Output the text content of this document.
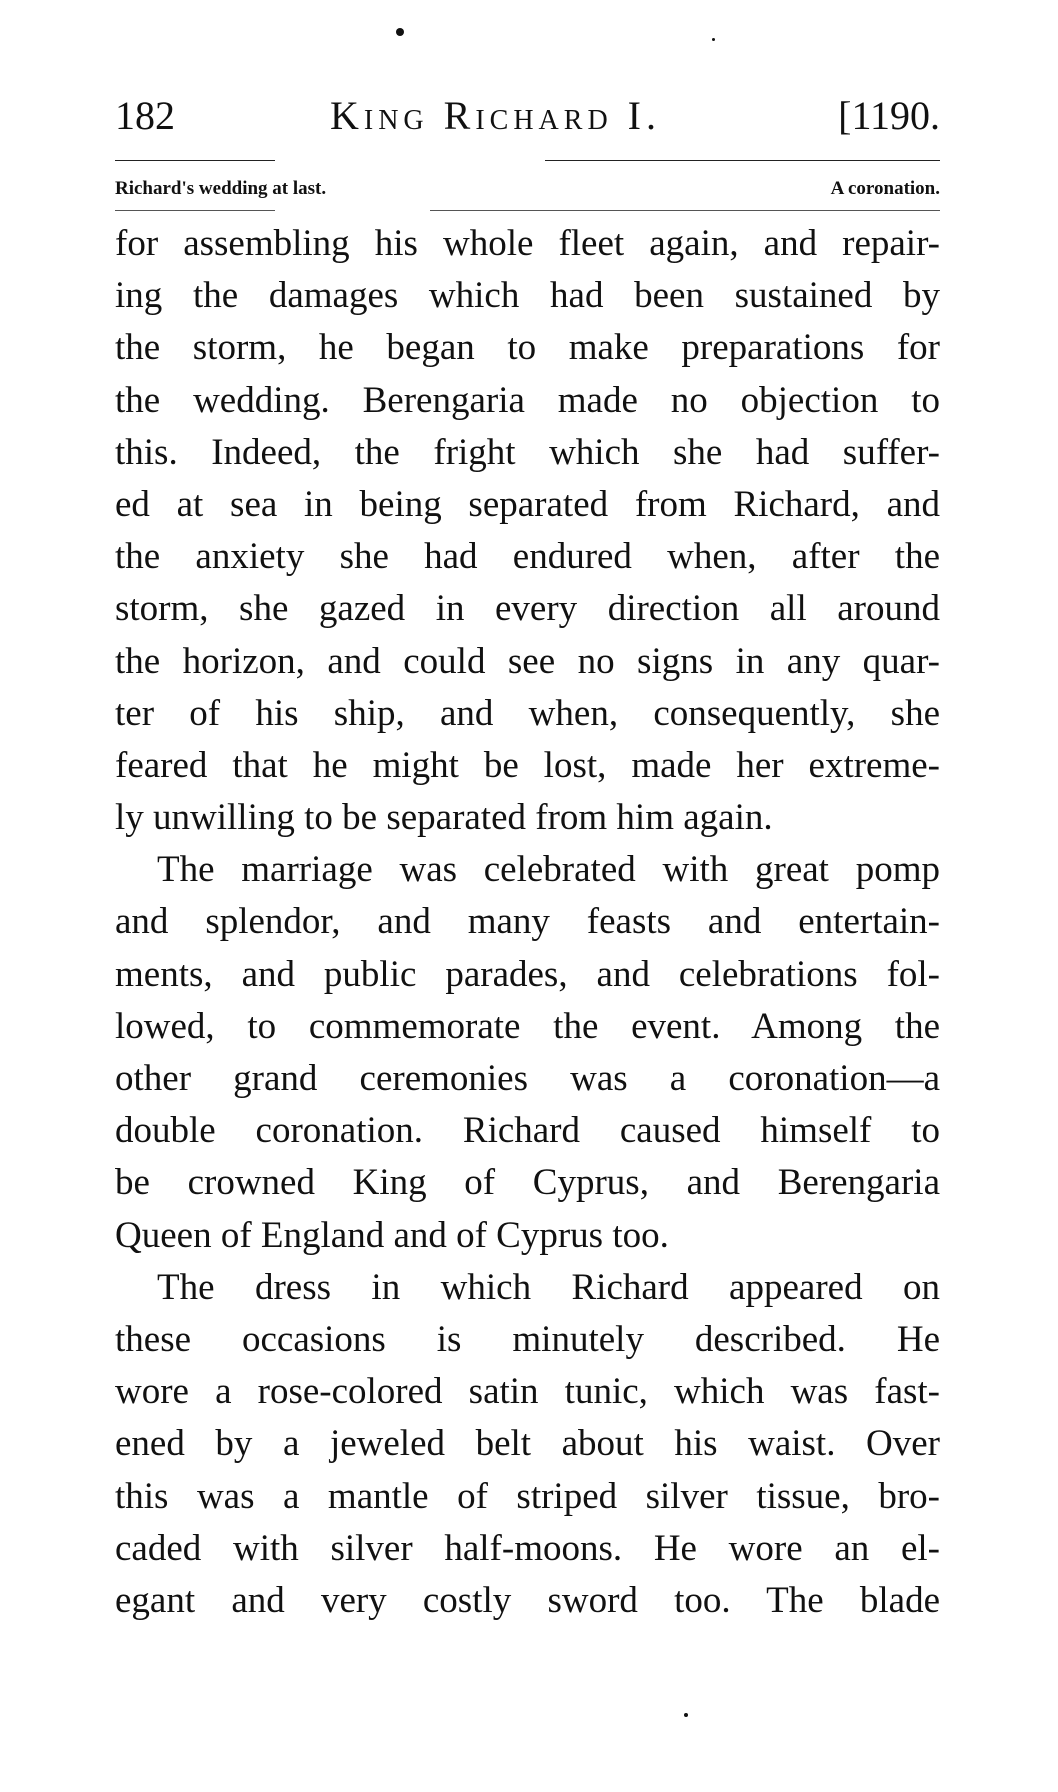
182	King Richard I.	[1190.
Richard's wedding at last.	A coronation.
for assembling his whole fleet again, and repair-
ing the damages which had been sustained by
the storm, he began to make preparations for
the wedding. Berengaria made no objection to
this. Indeed, the fright which she had suffer-
ed at sea in being separated from Richard, and
the anxiety she had endured when, after the
storm, she gazed in every direction all around
the horizon, and could see no signs in any quar-
ter of his ship, and when, consequently, she
feared that he might be lost, made her extreme-
ly unwilling to be separated from him again.
The marriage was celebrated with great pomp
and splendor, and many feasts and entertain-
ments, and public parades, and celebrations fol-
lowed, to commemorate the event. Among the
other grand ceremonies was a coronation—a
double coronation. Richard caused himself to
be crowned King of Cyprus, and Berengaria
Queen of England and of Cyprus too.
The dress in which Richard appeared on
these occasions is minutely described. He
wore a rose-colored satin tunic, which was fast-
ened by a jeweled belt about his waist. Over
this was a mantle of striped silver tissue, bro-
caded with silver half-moons. He wore an el-
egant and very costly sword too. The blade
